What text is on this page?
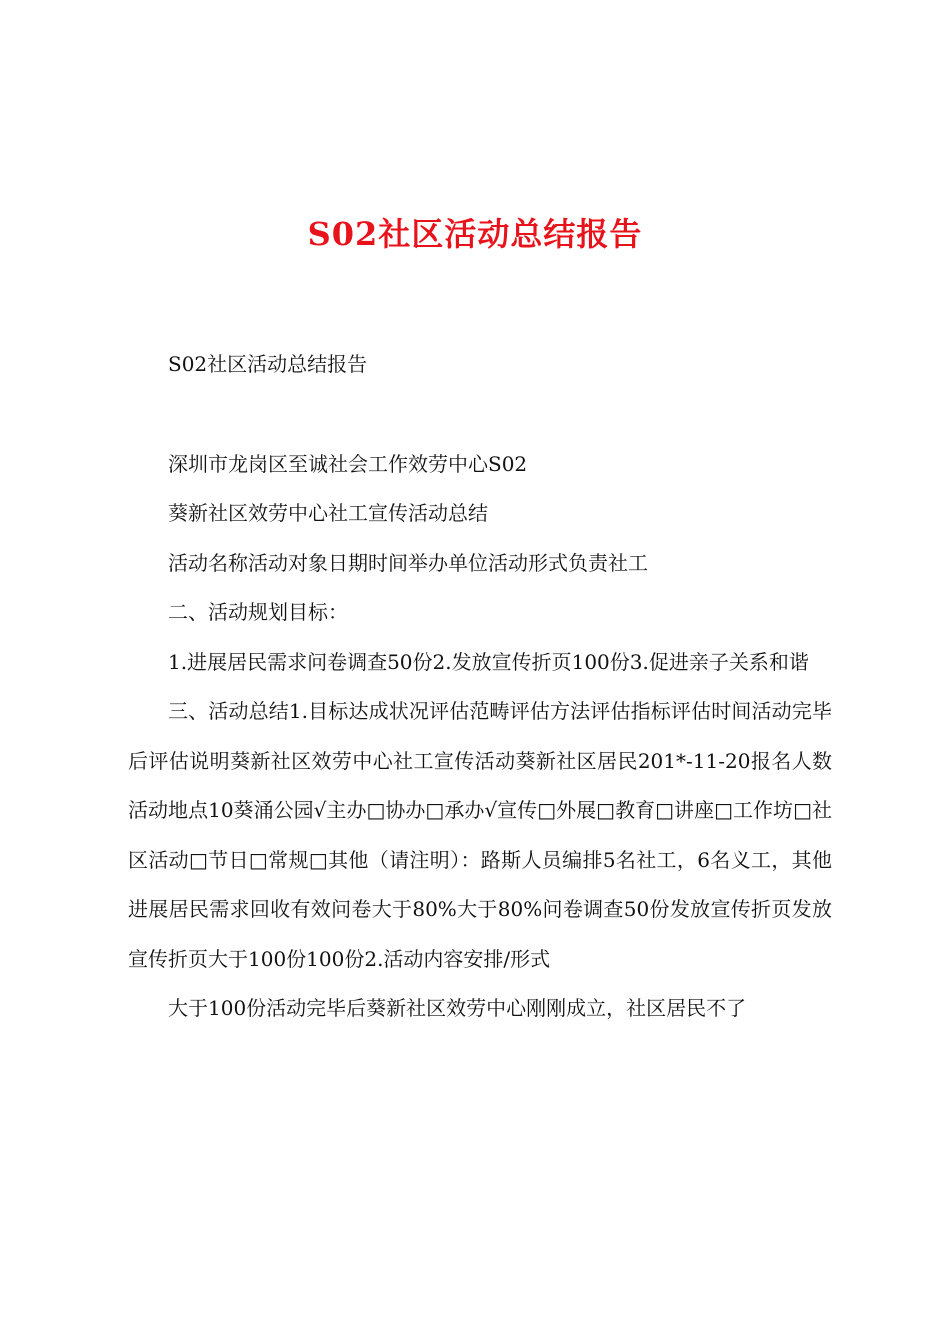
S02社区活动总结报告

S02社区活动总结报告

深圳市龙岗区至诚社会工作效劳中心S02

葵新社区效劳中心社工宣传活动总结

活动名称活动对象日期时间举办单位活动形式负责社工

二、活动规划目标：

1.进展居民需求问卷调查50份2.发放宣传折页100份3.促进亲子关系和谐

三、活动总结1.目标达成状况评估范畴评估方法评估指标评估时间活动完毕后评估说明葵新社区效劳中心社工宣传活动葵新社区居民201*-11-20报名人数活动地点10葵涌公园√主办□协办□承办√宣传□外展□教育□讲座□工作坊□社区活动□节日□常规□其他（请注明）：路斯人员编排5名社工，6名义工，其他进展居民需求回收有效问卷大于80%大于80%问卷调查50份发放宣传折页发放宣传折页大于100份100份2.活动内容安排/形式

大于100份活动完毕后葵新社区效劳中心刚刚成立，社区居民不了
